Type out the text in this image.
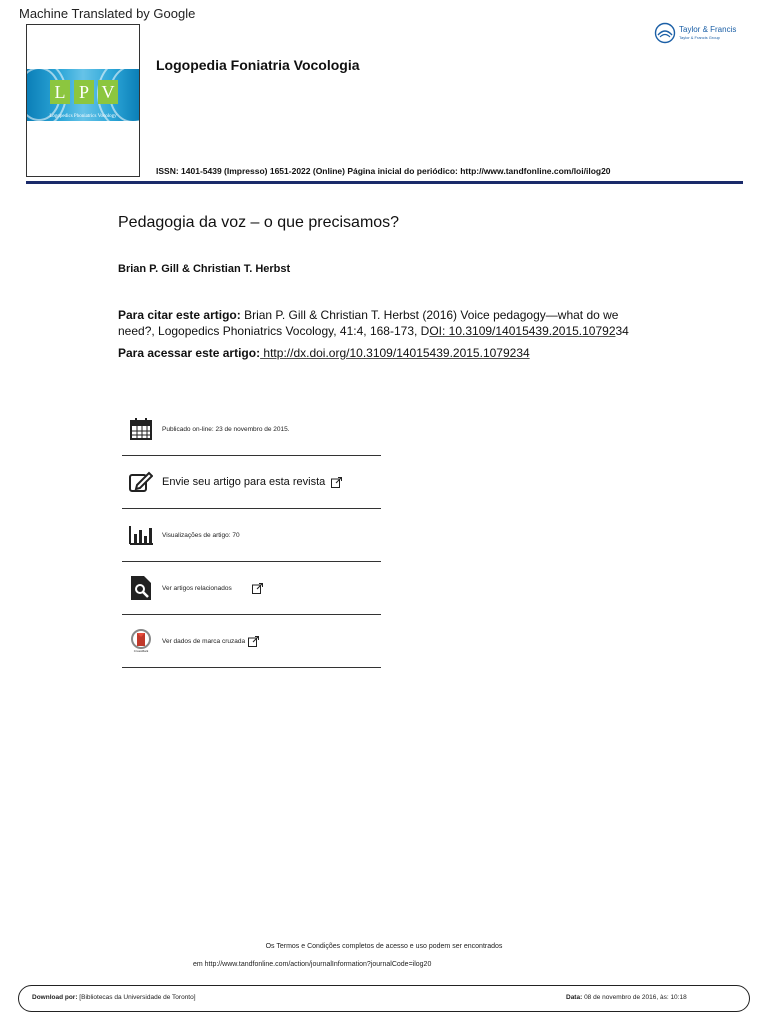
Machine Translated by Google
L P V
Logopedics Phoniatrics Vocology
Logopedia Foniatria Vocologia
ISSN: 1401-5439 (Impresso) 1651-2022 (Online) Página inicial do periódico: http://www.tandfonline.com/loi/ilog20
Taylor & Francis
Taylor & Francis Group
Pedagogia da voz – o que precisamos?
Brian P. Gill & Christian T. Herbst
Para citar este artigo: Brian P. Gill & Christian T. Herbst (2016) Voice pedagogy—what do we need?, Logopedics Phoniatrics Vocology, 41:4, 168-173, DOI: 10.3109/14015439.2015.1079234
Para acessar este artigo: http://dx.doi.org/10.3109/14015439.2015.1079234
Publicado on-line: 23 de novembro de 2015.
Envie seu artigo para esta revista
Visualizações de artigo: 70
Ver artigos relacionados
CrossMark
Ver dados de marca cruzada
Os Termos e Condições completos de acesso e uso podem ser encontrados
em http://www.tandfonline.com/action/journalInformation?journalCode=ilog20
Download por: [Bibliotecas da Universidade de Toronto]	Data: 08 de novembro de 2016, às: 10:18
